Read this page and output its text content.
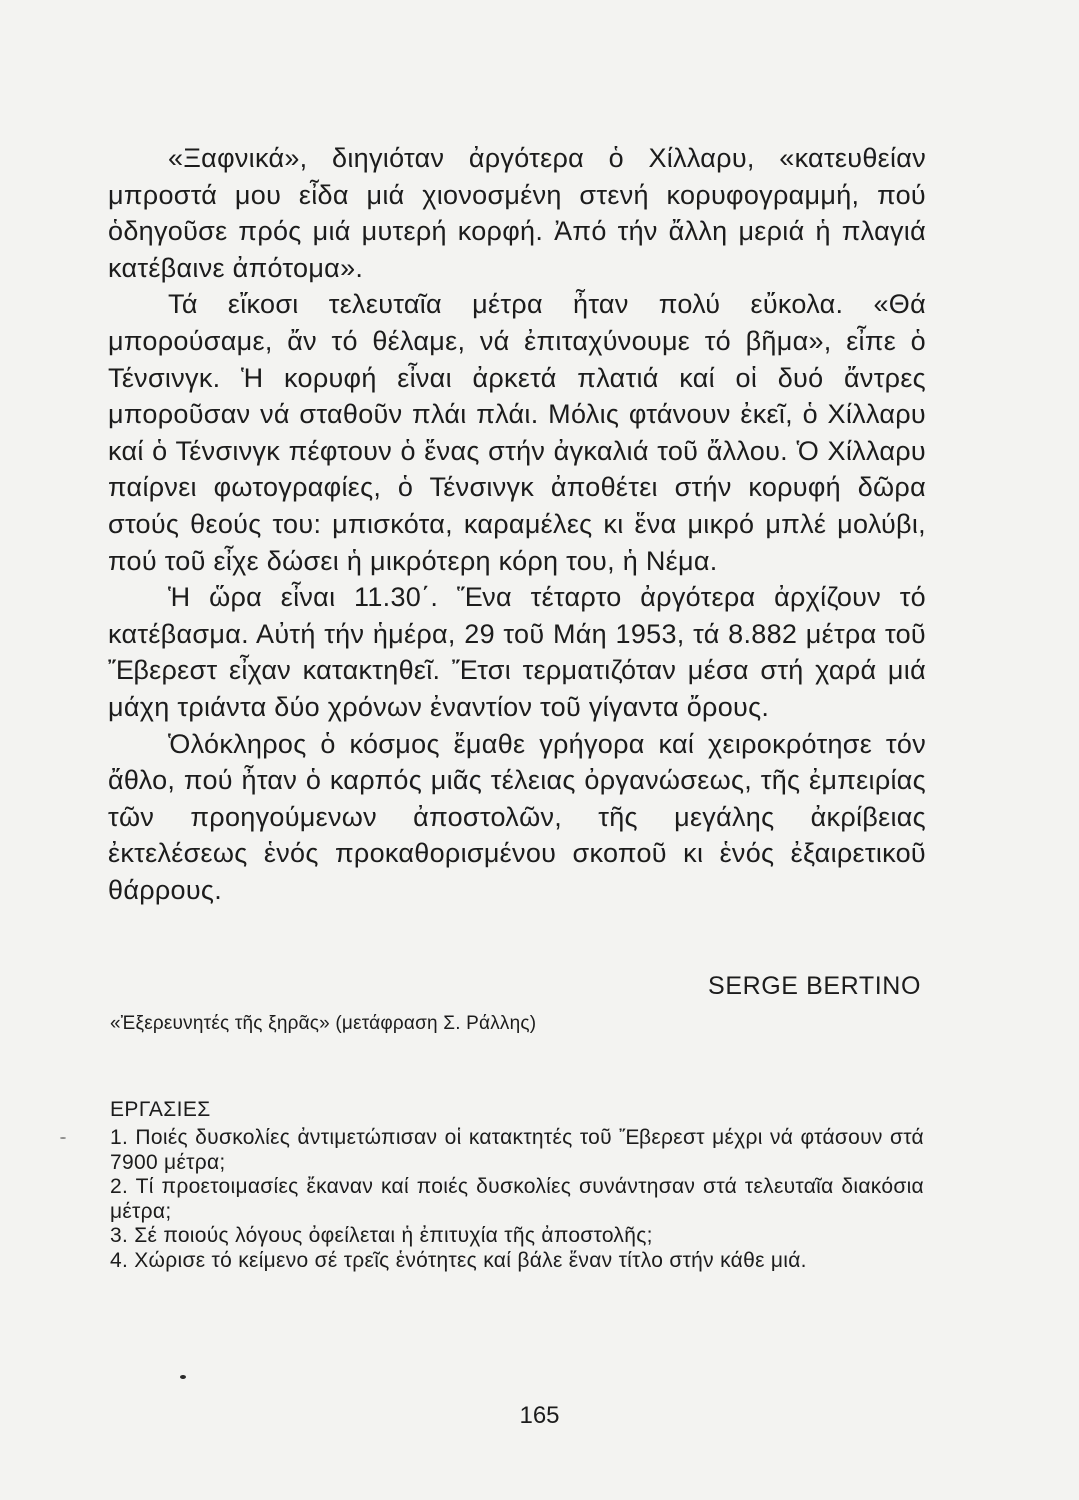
«Ξαφνικά», διηγιόταν ἀργότερα ὁ Χίλλαρυ, «κατευθείαν μπροστά μου εἶδα μιά χιονοσμένη στενή κορυφογραμμή, πού ὁδηγοῦσε πρός μιά μυτερή κορφή. Ἀπό τήν ἄλλη μεριά ἡ πλαγιά κατέβαινε ἀπότομα».

Τά εἴκοσι τελευταῖα μέτρα ἦταν πολύ εὔκολα. «Θά μπορούσαμε, ἄν τό θέλαμε, νά ἐπιταχύνουμε τό βῆμα», εἶπε ὁ Τένσινγκ. Ἡ κορυφή εἶναι ἀρκετά πλατιά καί οἱ δυό ἄντρες μποροῦσαν νά σταθοῦν πλάι πλάι. Μόλις φτάνουν ἐκεῖ, ὁ Χίλλαρυ καί ὁ Τένσινγκ πέφτουν ὁ ἕνας στήν ἀγκαλιά τοῦ ἄλλου. Ὁ Χίλλαρυ παίρνει φωτογραφίες, ὁ Τένσινγκ ἀποθέτει στήν κορυφή δῶρα στούς θεούς του: μπισκότα, καραμέλες κι ἕνα μικρό μπλέ μολύβι, πού τοῦ εἶχε δώσει ἡ μικρότερη κόρη του, ἡ Νέμα.

Ἡ ὥρα εἶναι 11.30΄. Ἕνα τέταρτο ἀργότερα ἀρχίζουν τό κατέβασμα. Αὐτή τήν ἡμέρα, 29 τοῦ Μάη 1953, τά 8.882 μέτρα τοῦ Ἔβερεστ εἶχαν κατακτηθεῖ. Ἔτσι τερματιζόταν μέσα στή χαρά μιά μάχη τριάντα δύο χρόνων ἐναντίον τοῦ γίγαντα ὄρους.

Ὁλόκληρος ὁ κόσμος ἔμαθε γρήγορα καί χειροκρότησε τόν ἄθλο, πού ἦταν ὁ καρπός μιᾶς τέλειας ὀργανώσεως, τῆς ἐμπειρίας τῶν προηγούμενων ἀποστολῶν, τῆς μεγάλης ἀκρίβειας ἐκτελέσεως ἑνός προκαθορισμένου σκοποῦ κι ἑνός ἐξαιρετικοῦ θάρρους.

SERGE BERTINO
«Ἐξερευνητές τῆς ξηρᾶς» (μετάφραση Σ. Ράλλης)
ΕΡΓΑΣΙΕΣ

1. Ποιές δυσκολίες ἀντιμετώπισαν οἱ κατακτητές τοῦ Ἔβερεστ μέχρι νά φτάσουν στά 7900 μέτρα;

2. Τί προετοιμασίες ἔκαναν καί ποιές δυσκολίες συνάντησαν στά τελευταῖα διακόσια μέτρα;

3. Σέ ποιούς λόγους ὀφείλεται ἡ ἐπιτυχία τῆς ἀποστολῆς;

4. Χώρισε τό κείμενο σέ τρεῖς ἑνότητες καί βάλε ἕναν τίτλο στήν κάθε μιά.

165
